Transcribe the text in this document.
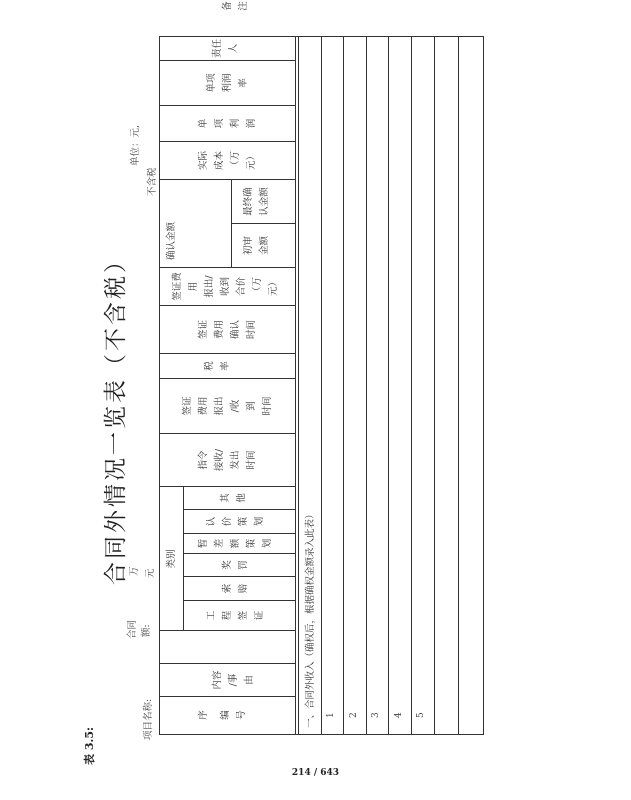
表 3.5:
合同外情况一览表（不含税）
项目名称:
合同 额:
万 元
单位：元,
不含税
序	编 号
内容 /事 由
类别
工 程 签 证
索 赔
奖 罚
暂 差 额 策 划
认 价 策 划
其 他
指令 接收/ 发出 时间
签证 费用 报出 /收 到 时间
税 率
签证 费用 确认 时间
签证费 用 报出/ 收到 合价 （万 元）
确认金额	初审 金额
最终确 认金额
实际 成本 （万 元）
单 项 利 润
单项 利润 率
责任 人
备 注
一、合同外收入（确权后，根据确权金额录入此表） 1 2 3 4 5
214 / 643
